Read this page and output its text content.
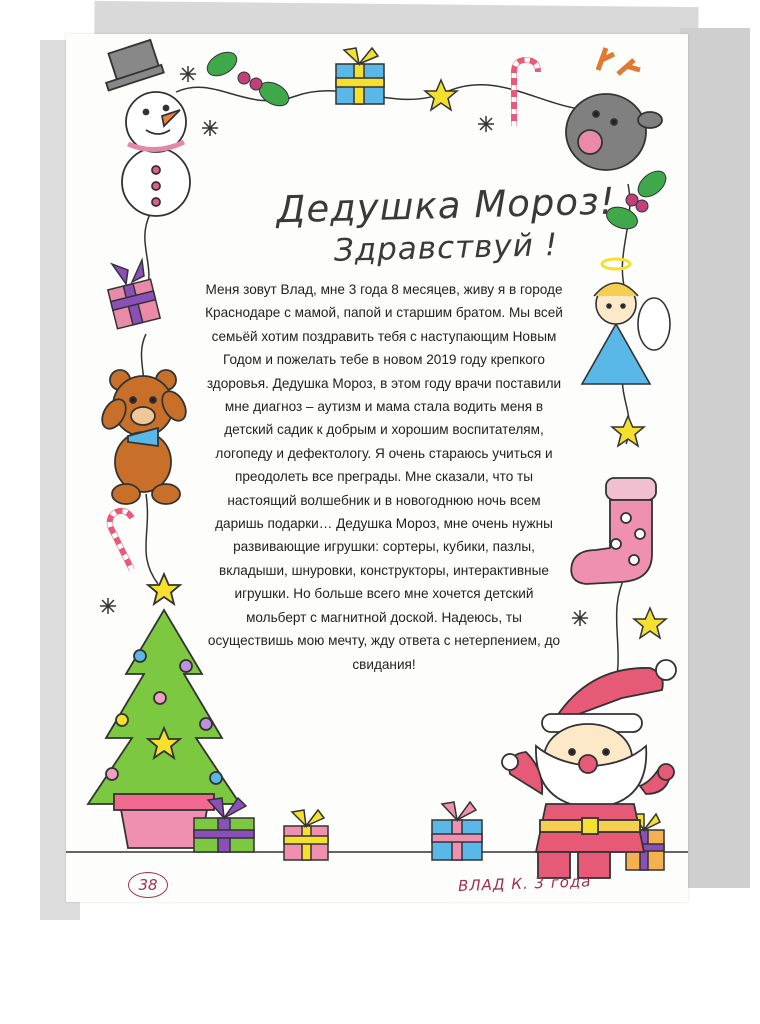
Дедушка Мороз!
Здравствуй !

Меня зовут Влад, мне 3 года 8 месяцев, живу я в городе Краснодаре с мамой, папой и старшим братом. Мы всей семьёй хотим поздравить тебя с наступающим Новым Годом и пожелать тебе в новом 2019 году крепкого здоровья. Дедушка Мороз, в этом году врачи поставили мне диагноз – аутизм и мама стала водить меня в детский садик к добрым и хорошим воспитателям, логопеду и дефектологу. Я очень стараюсь учиться и преодолеть все преграды. Мне сказали, что ты настоящий волшебник и в новогоднюю ночь всем даришь подарки… Дедушка Мороз, мне очень нужны развивающие игрушки: сортеры, кубики, пазлы, вкладыши, шнуровки, конструкторы, интерактивные игрушки. Но больше всего мне хочется детский мольберт с магнитной доской. Надеюсь, ты осуществишь мою мечту, жду ответа с нетерпением, до свидания!

38	ВЛАД К. 3 года
